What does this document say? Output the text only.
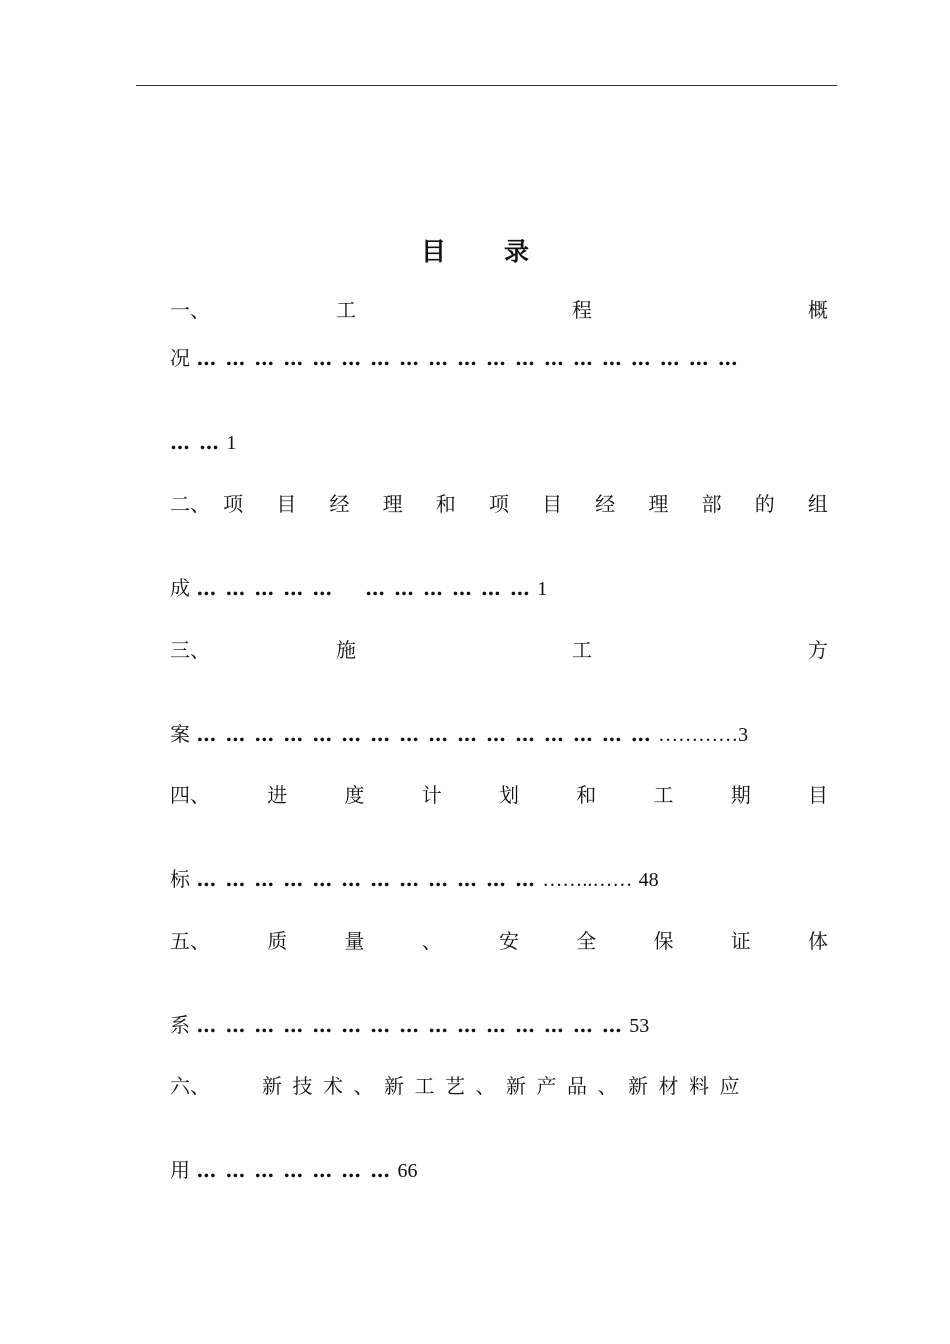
目 录
一、	工	程	概
况 … … … … … … … … … … … … … … … … … … …
… … 1
二、 项 目 经 理 和 项 目 经 理 部 的 组
成 … … … … …    … … … … … … 1
三、	施	工	方
案 … … … … … … … … … … … … … … … … …………3
四、	进	度	计	划	和	工	期	目
标 … … … … … … … … … … … … ……..…… 48
五、	质	量	、	安	全	保	证	体
系 … … … … … … … … … … … … … … … 53
六、	新技术、新工艺、新产品、新材料应
用 … … … … … … … 66
